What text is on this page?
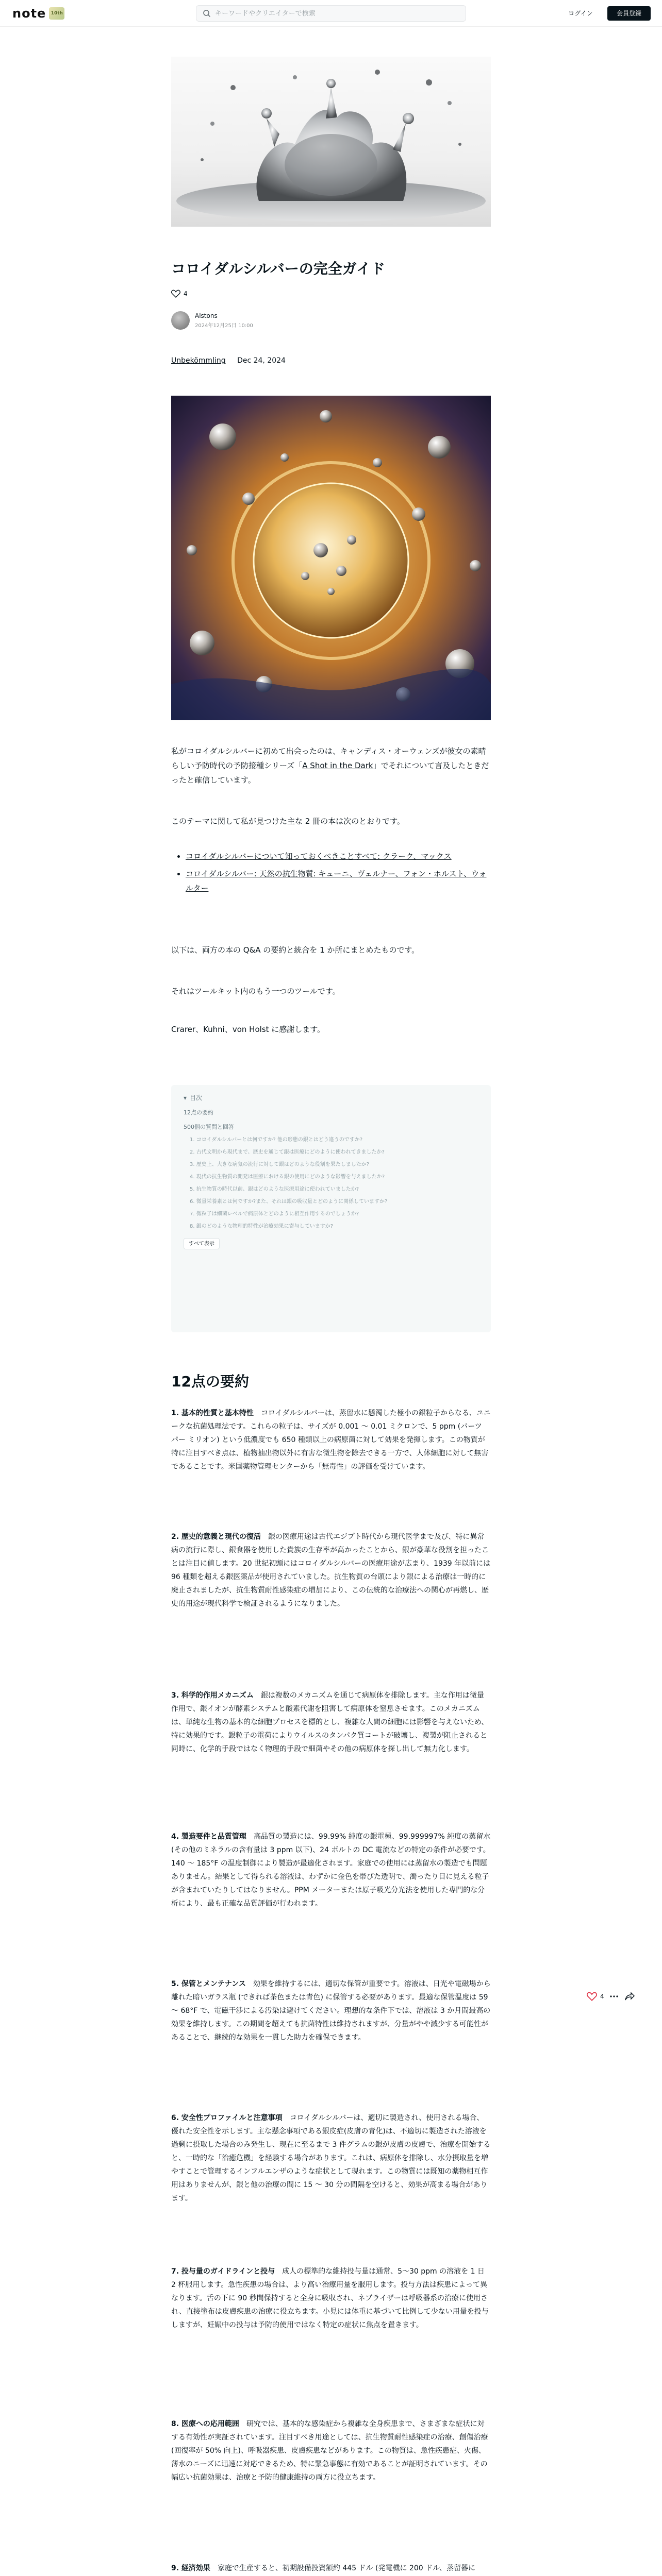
note	10th
キーワードやクリエイターで検索	ログイン	会員登録
コロイダルシルバーの完全ガイド
4
Alstons
2024年12月25日 10:00
Unbekömmling Dec 24, 2024

私がコロイダルシルバーに初めて出会ったのは、キャンディス・オーウェンズが彼女の素晴らしい予防時代の予防接種シリーズ「A Shot in the Dark」でそれについて言及したときだったと確信しています。

このテーマに関して私が見つけた主な 2 冊の本は次のとおりです。

• コロイダルシルバーについて知っておくべきことすべて: クラーク、マックス
• コロイダルシルバー: 天然の抗生物質: キューニ、ヴェルナー、フォン・ホルスト、ウォルター

以下は、両方の本の Q&A の要約と統合を 1 か所にまとめたものです。

それはツールキット内のもう一つのツールです。

Crarer、Kuhni、von Holst に感謝します。

▾ 目次
12点の要約
500個の質問と回答
1. コロイダルシルバーとは何ですか? 他の形態の銀とはどう違うのですか?
2. 古代文明から現代まで、歴史を通じて銀は医療にどのように使われてきましたか?
3. 歴史上、大きな病気の流行に対して銀はどのような役割を果たしましたか?
4. 現代の抗生物質の開発は医療における銀の使用にどのような影響を与えましたか?
5. 抗生物質の時代以前、銀はどのような医療用途に使われていましたか?
6. 微量栄養素とは何ですか?また、それは銀の吸収量とどのように関係していますか?
7. 微粒子は細菌レベルで病原体とどのように相互作用するのでしょうか?
8. 銀のどのような物理的特性が治療効果に寄与していますか?
すべて表示
12点の要約

1. 基本的性質と基本特性　 コロイダルシルバーは、蒸留水に懸濁した極小の銀粒子からなる、ユニークな抗菌処理法です。これらの粒子は、サイズが 0.001 ～ 0.01 ミクロンで、5 ppm (パーツ パー ミリオン) という低濃度でも 650 種類以上の病原菌に対して効果を発揮します。この物質が特に注目すべき点は、植物抽出物以外に有害な微生物を除去できる一方で、人体細胞に対して無害であることです。米国薬物管理センターから「無毒性」の評価を受けています。

2. 歴史的意義と現代の復活　 銀の医療用途は古代エジプト時代から現代医学まで及び、特に異常病の流行に際し、銀食器を使用した貴族の生存率が高かったことから、銀が豪華な役割を担ったことは注目に値します。20 世紀初頭にはコロイダルシルバーの医療用途が広まり、1939 年以前には 96 種類を超える銀医薬品が使用されていました。抗生物質の台頭により銀による治療は一時的に廃止されましたが、抗生物質耐性感染症の増加により、この伝統的な治療法への関心が再燃し、歴史的用途が現代科学で検証されるようになりました。

3. 科学的作用メカニズム　 銀は複数のメカニズムを通じて病原体を排除します。主な作用は微量作用で、銀イオンが酵素システムと酸素代謝を阻害して病原体を窒息させます。このメカニズムは、単純な生物の基本的な細胞プロセスを標的とし、複雑な人間の細胞には影響を与えないため、特に効果的です。銀粒子の電荷によりウイルスのタンパク質コートが破壊し、複製が阻止されると同時に、化学的手段ではなく物理的手段で細菌やその他の病原体を探し出して無力化します。

4. 製造要件と品質管理　 高品質の製造には、99.99% 純度の銀電極、99.999997% 純度の蒸留水 (その他のミネラルの含有量は 3 ppm 以下)、24 ボルトの DC 電流などの特定の条件が必要です。140 ～ 185°F の温度制御により製造が最適化されます。家庭での使用には蒸留水の製造でも問題ありません。結果として得られる溶液は、わずかに金色を帯びた透明で、濁ったり目に見える粒子が含まれていたりしてはなりません。PPM メーターまたは原子吸光分光法を使用した専門的な分析により、最も正確な品質評価が行われます。

5. 保管とメンテナンス　 効果を維持するには、適切な保管が重要です。溶液は、日光や電磁場から離れた暗いガラス瓶 (できれば茶色または青色) に保管する必要があります。最適な保管温度は 59 ～ 68°F で、電磁干渉による汚染は避けてください。理想的な条件下では、溶液は 3 か月間最高の効果を維持します。この期間を超えても抗菌特性は維持されますが、分量がやや減少する可能性があることで、継続的な効果を一貫した助力を確保できます。

6. 安全性プロファイルと注意事項　 コロイダルシルバーは、適切に製造され、使用される場合、優れた安全性を示します。主な懸念事項である銀皮症(皮膚の青化)は、不適切に製造された溶液を過剰に摂取した場合のみ発生し、現在に至るまで 3 件グラムの銀が皮膚の皮膚で、治療を開始すると、一時的な「治癒危機」を経験する場合があります。これは、病原体を排除し、水分摂取量を増やすことで管理するインフルエンザのような症状として現れます。この物質には既知の薬物相互作用はありませんが、銀と他の治療の間に 15 ～ 30 分の間隔を空けると、効果が高まる場合があります。

7. 投与量のガイドラインと投与　 成人の標準的な維持投与量は通常、5〜30 ppm の溶液を 1 日 2 杯服用します。急性疾患の場合は、より高い治療用量を服用します。投与方法は疾患によって異なります。舌の下に 90 秒間保持すると全身に吸収され、ネブライザーは呼吸器系の治療に使用され、直接塗布は皮膚疾患の治療に役立ちます。小児には体重に基づいて比例して少ない用量を投与しますが、妊娠中の投与は予防的使用ではなく特定の症状に焦点を置きます。

8. 医療への応用範囲　 研究では、基本的な感染症から複雑な全身疾患まで、さまざまな症状に対する有効性が実証されています。注目すべき用途としては、抗生物質耐性感染症の治療、創傷治療 (回復率が 50% 向上)、呼吸器疾患、皮膚疾患などがあります。この物質は、急性疾患症、火傷、薄水のニーズに迅速に対応できるため、特に緊急事態に有効であることが証明されています。その幅広い抗菌効果は、治療と予防的健康維持の両方に役立ちます。

9. 経済効果　 家庭で生産すると、初期設備投資額約 445 ドル (発電機に 200 ドル、蒸留器に

4
